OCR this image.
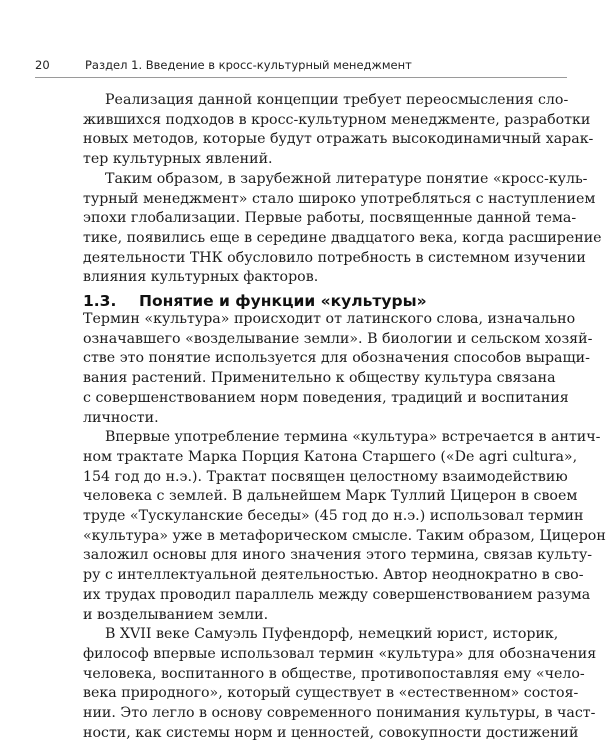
20	Раздел 1. Введение в кросс-культурный менеджмент
Реализация данной концепции требует переосмысления сло-
жившихся подходов в кросс-культурном менеджменте, разработки
новых методов, которые будут отражать высокодинамичный харак-
тер культурных явлений.
Таким образом, в зарубежной литературе понятие «кросс-куль-
турный менеджмент» стало широко употребляться с наступлением
эпохи глобализации. Первые работы, посвященные данной тема-
тике, появились еще в середине двадцатого века, когда расширение
деятельности ТНК обусловило потребность в системном изучении
влияния культурных факторов.
1.3. Понятие и функции «культуры»
Термин «культура» происходит от латинского слова, изначально
означавшего «возделывание земли». В биологии и сельском хозяй-
стве это понятие используется для обозначения способов выращи-
вания растений. Применительно к обществу культура связана
с совершенствованием норм поведения, традиций и воспитания
личности.
Впервые употребление термина «культура» встречается в антич-
ном трактате Марка Порция Катона Старшего («De agri cultura»,
154 год до н.э.). Трактат посвящен целостному взаимодействию
человека с землей. В дальнейшем Марк Туллий Цицерон в своем
труде «Тускуланские беседы» (45 год до н.э.) использовал термин
«культура» уже в метафорическом смысле. Таким образом, Цицерон
заложил основы для иного значения этого термина, связав культу-
ру с интеллектуальной деятельностью. Автор неоднократно в сво-
их трудах проводил параллель между совершенствованием разума
и возделыванием земли.
В XVII веке Самуэль Пуфендорф, немецкий юрист, историк,
философ впервые использовал термин «культура» для обозначения
человека, воспитанного в обществе, противопоставляя ему «чело-
века природного», который существует в «естественном» состоя-
нии. Это легло в основу современного понимания культуры, в част-
ности, как системы норм и ценностей, совокупности достижений
